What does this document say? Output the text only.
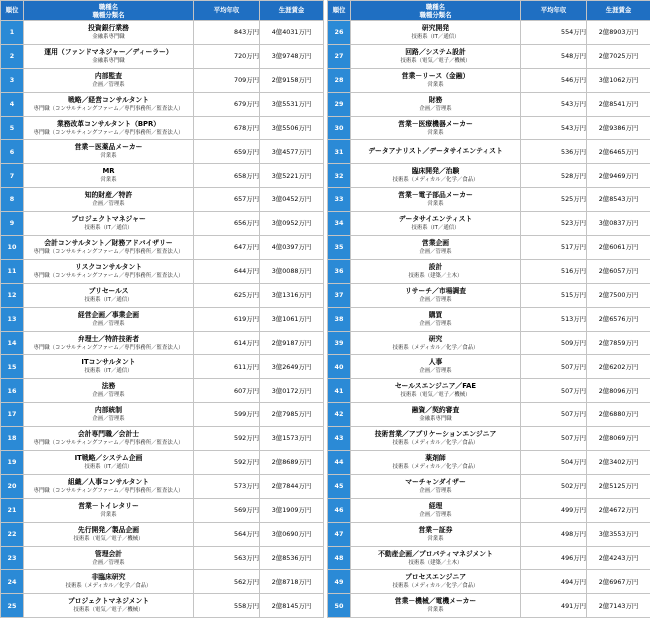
順位	職種名
職種分類名	平均年収	生涯賃金
1	投資銀行業務
金融系専門職	843万円	4億4031万円
2	運用（ファンドマネジャー／ディーラー）
金融系専門職	720万円	3億9748万円
3	内部監査
企画／管理系	709万円	2億9158万円
4	戦略／経営コンサルタント
専門職（コンサルティングファーム／専門事務所／監査法人）	679万円	3億5531万円
5	業務改革コンサルタント（BPR）
専門職（コンサルティングファーム／専門事務所／監査法人）	678万円	3億5506万円
6	営業－医薬品メーカー
営業系	659万円	3億4577万円
7	MR
営業系	658万円	3億5221万円
8	知的財産／特許
企画／管理系	657万円	3億0452万円
9	プロジェクトマネジャー
技術系（IT／通信）	656万円	3億0952万円
10	会計コンサルタント／財務アドバイザリー
専門職（コンサルティングファーム／専門事務所／監査法人）	647万円	4億0397万円
11	リスクコンサルタント
専門職（コンサルティングファーム／専門事務所／監査法人）	644万円	3億0088万円
12	プリセールス
技術系（IT／通信）	625万円	3億1316万円
13	経営企画／事業企画
企画／管理系	619万円	3億1061万円
14	弁理士／特許技術者
専門職（コンサルティングファーム／専門事務所／監査法人）	614万円	2億9187万円
15	ITコンサルタント
技術系（IT／通信）	611万円	3億2649万円
16	法務
企画／管理系	607万円	3億0172万円
17	内部統制
企画／管理系	599万円	2億7985万円
18	会計専門職／会計士
専門職（コンサルティングファーム／専門事務所／監査法人）	592万円	3億1573万円
19	IT戦略／システム企画
技術系（IT／通信）	592万円	2億8689万円
20	組織／人事コンサルタント
専門職（コンサルティングファーム／専門事務所／監査法人）	573万円	2億7844万円
21	営業－トイレタリー
営業系	569万円	3億1909万円
22	先行開発／製品企画
技術系（電気／電子／機械）	564万円	3億0690万円
23	管理会計
企画／管理系	563万円	2億8536万円
24	非臨床研究
技術系（メディカル／化学／食品）	562万円	2億8718万円
25	プロジェクトマネジメント
技術系（電気／電子／機械）	558万円	2億8145万円
順位	職種名
職種分類名	平均年収	生涯賃金
26	研究開発
技術系（IT／通信）	554万円	2億8903万円
27	回路／システム設計
技術系（電気／電子／機械）	548万円	2億7025万円
28	営業－リース（金融）
営業系	546万円	3億1062万円
29	財務
企画／管理系	543万円	2億8541万円
30	営業－医療機器メーカー
営業系	543万円	2億9386万円
31	データアナリスト／データサイエンティスト	536万円	2億6465万円
32	臨床開発／治験
技術系（メディカル／化学／食品）	528万円	2億9469万円
33	営業－電子部品メーカー
営業系	525万円	2億8543万円
34	データサイエンティスト
技術系（IT／通信）	523万円	3億0837万円
35	営業企画
企画／管理系	517万円	2億6061万円
36	設計
技術系（建築／土木）	516万円	2億6057万円
37	リサーチ／市場調査
企画／管理系	515万円	2億7500万円
38	購買
企画／管理系	513万円	2億6576万円
39	研究
技術系（メディカル／化学／食品）	509万円	2億7859万円
40	人事
企画／管理系	507万円	2億6202万円
41	セールスエンジニア／FAE
技術系（電気／電子／機械）	507万円	2億8096万円
42	融資／契約審査
金融系専門職	507万円	2億6880万円
43	技術営業／アプリケーションエンジニア
技術系（メディカル／化学／食品）	507万円	2億8069万円
44	薬剤師
技術系（メディカル／化学／食品）	504万円	2億3402万円
45	マーチャンダイザー
企画／管理系	502万円	2億5125万円
46	経理
企画／管理系	499万円	2億4672万円
47	営業－証券
営業系	498万円	3億3553万円
48	不動産企画／プロパティマネジメント
技術系（建築／土木）	496万円	2億4243万円
49	プロセスエンジニア
技術系（メディカル／化学／食品）	494万円	2億6967万円
50	営業－機械／電機メーカー
営業系	491万円	2億7143万円
